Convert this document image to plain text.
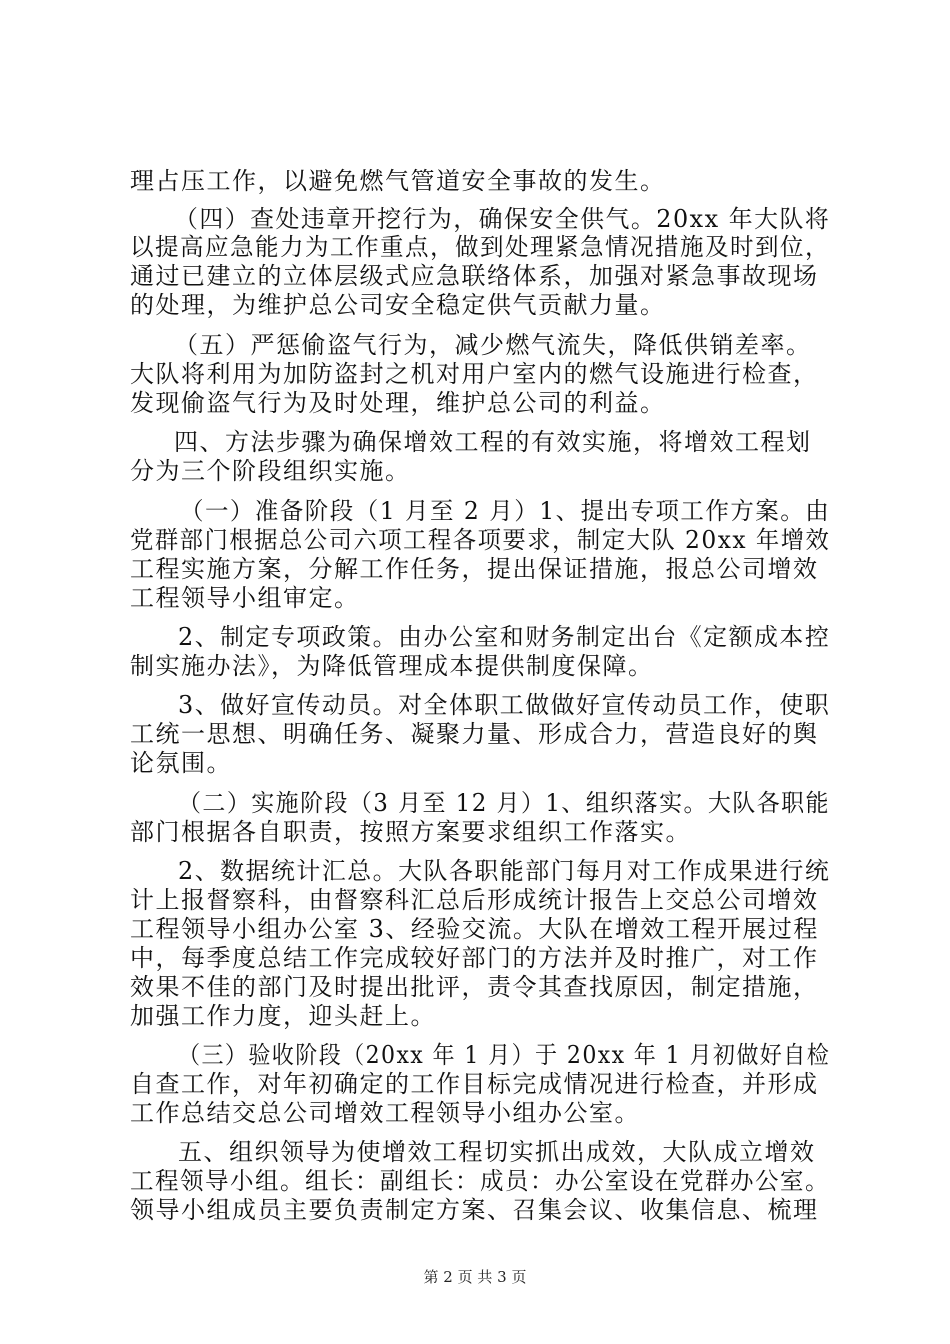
理占压工作，以避免燃气管道安全事故的发生。
（四）查处违章开挖行为，确保安全供气。20xx 年大队将
以提高应急能力为工作重点，做到处理紧急情况措施及时到位，
通过已建立的立体层级式应急联络体系，加强对紧急事故现场
的处理，为维护总公司安全稳定供气贡献力量。
（五）严惩偷盗气行为，减少燃气流失，降低供销差率。
大队将利用为加防盗封之机对用户室内的燃气设施进行检查，
发现偷盗气行为及时处理，维护总公司的利益。
四、方法步骤为确保增效工程的有效实施，将增效工程划
分为三个阶段组织实施。
（一）准备阶段（1 月至 2 月）1、提出专项工作方案。由
党群部门根据总公司六项工程各项要求，制定大队 20xx 年增效
工程实施方案，分解工作任务，提出保证措施，报总公司增效
工程领导小组审定。
2、制定专项政策。由办公室和财务制定出台《定额成本控
制实施办法》，为降低管理成本提供制度保障。
3、做好宣传动员。对全体职工做做好宣传动员工作，使职
工统一思想、明确任务、凝聚力量、形成合力，营造良好的舆
论氛围。
（二）实施阶段（3 月至 12 月）1、组织落实。大队各职能
部门根据各自职责，按照方案要求组织工作落实。
2、数据统计汇总。大队各职能部门每月对工作成果进行统
计上报督察科，由督察科汇总后形成统计报告上交总公司增效
工程领导小组办公室 3、经验交流。大队在增效工程开展过程
中，每季度总结工作完成较好部门的方法并及时推广，对工作
效果不佳的部门及时提出批评，责令其查找原因，制定措施，
加强工作力度，迎头赶上。
（三）验收阶段（20xx 年 1 月）于 20xx 年 1 月初做好自检
自查工作，对年初确定的工作目标完成情况进行检查，并形成
工作总结交总公司增效工程领导小组办公室。
五、组织领导为使增效工程切实抓出成效，大队成立增效
工程领导小组。组长：副组长：成员：办公室设在党群办公室。
领导小组成员主要负责制定方案、召集会议、收集信息、梳理
第 2 页 共 3 页
